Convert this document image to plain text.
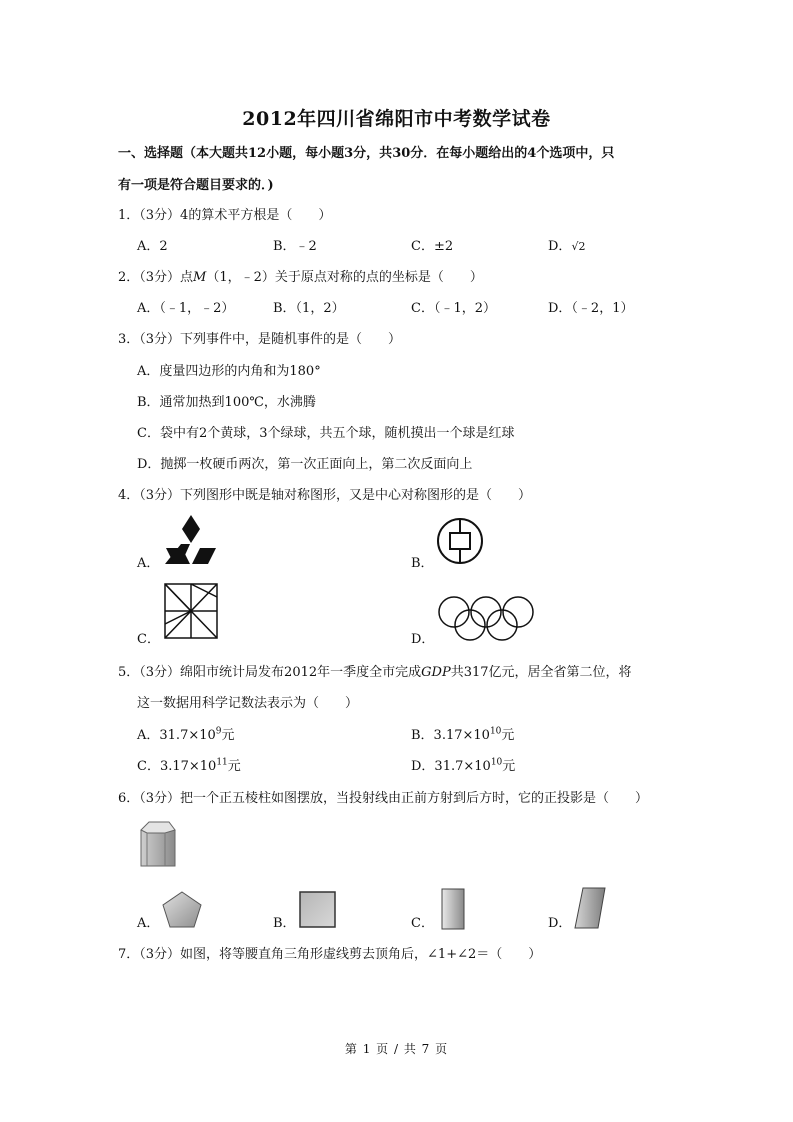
2012年四川省绵阳市中考数学试卷
一、选择题（本大题共12小题，每小题3分，共30分．在每小题给出的4个选项中，只
有一项是符合题目要求的．)
1．（3分）4的算术平方根是（　　）
A．2	B．﹣2	C．±2	D．√2
2．（3分）点M（1，﹣2）关于原点对称的点的坐标是（　　）
A．（﹣1，﹣2）	B．（1，2）	C．（﹣1，2）	D．（﹣2，1）
3．（3分）下列事件中，是随机事件的是（　　）
A．度量四边形的内角和为180°
B．通常加热到100℃，水沸腾
C．袋中有2个黄球，3个绿球，共五个球，随机摸出一个球是红球
D．抛掷一枚硬币两次，第一次正面向上，第二次反面向上
4．（3分）下列图形中既是轴对称图形，又是中心对称图形的是（　　）
A．	B．
C．	D．
5．（3分）绵阳市统计局发布2012年一季度全市完成GDP共317亿元，居全省第二位，将
这一数据用科学记数法表示为（　　）
A．$31.7\times 10^9$元	B．$3.17\times 10^{10}$元
C．$3.17\times 10^{11}$元	D．$31.7\times 10^{10}$元
6．（3分）把一个正五棱柱如图摆放，当投射线由正前方射到后方时，它的正投影是（　　）
A．	B．	C．	D．
7．（3分）如图，将等腰直角三角形虚线剪去顶角后，∠1+∠2＝（　　）
第 1 页 / 共 7 页
